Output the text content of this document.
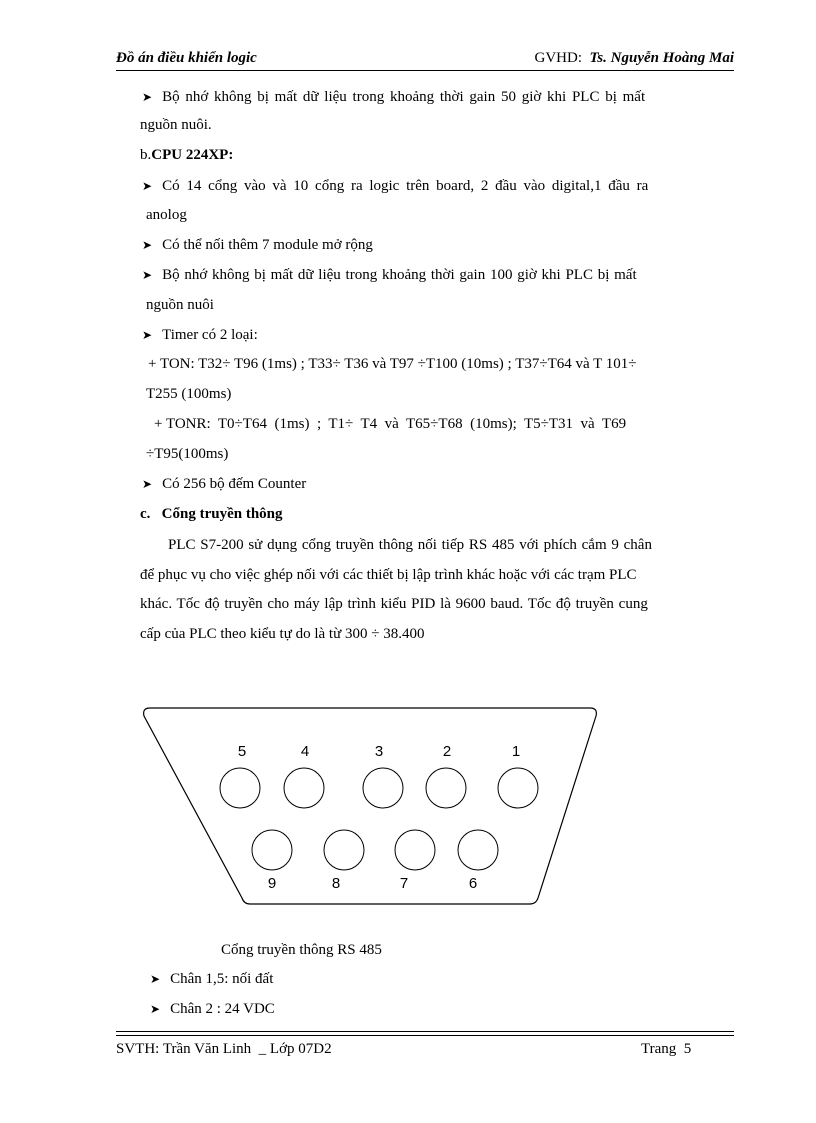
Đồ án điều khiển logic	GVHD: Ts. Nguyễn Hoàng Mai
➤ Bộ nhớ không bị mất dữ liệu trong khoảng thời gain 50 giờ khi PLC bị mất
nguồn nuôi.
b.CPU 224XP:
➤ Có 14 cổng vào và 10 cổng ra logic trên board, 2 đầu vào digital,1 đầu ra
anolog
➤ Có thể nối thêm 7 module mở rộng
➤ Bộ nhớ không bị mất dữ liệu trong khoảng thời gain 100 giờ khi PLC bị mất
nguồn nuôi
➤ Timer có 2 loại:
+ TON: T32÷ T96 (1ms) ; T33÷ T36 và T97 ÷T100 (10ms) ; T37÷T64 và T 101÷
T255 (100ms)
+ TONR:  T0÷T64  (1ms)  ;  T1÷  T4  và  T65÷T68  (10ms);  T5÷T31  và  T69
÷T95(100ms)
➤ Có 256 bộ đếm Counter
c. Cổng truyền thông
PLC S7-200 sử dụng cổng truyền thông nối tiếp RS 485 với phích cắm 9 chân
để phục vụ cho việc ghép nối với các thiết bị lập trình khác hoặc với các trạm PLC
khác. Tốc độ truyền cho máy lập trình kiểu PID là 9600 baud. Tốc độ truyền cung
cấp của PLC theo kiểu tự do là từ 300 ÷ 38.400
5	4	3	2	1
9	8	7	6
Cổng truyền thông RS 485
➤ Chân 1,5: nối đất
➤ Chân 2 : 24 VDC
SVTH: Trần Văn Linh  _ Lớp 07D2	Trang  5
